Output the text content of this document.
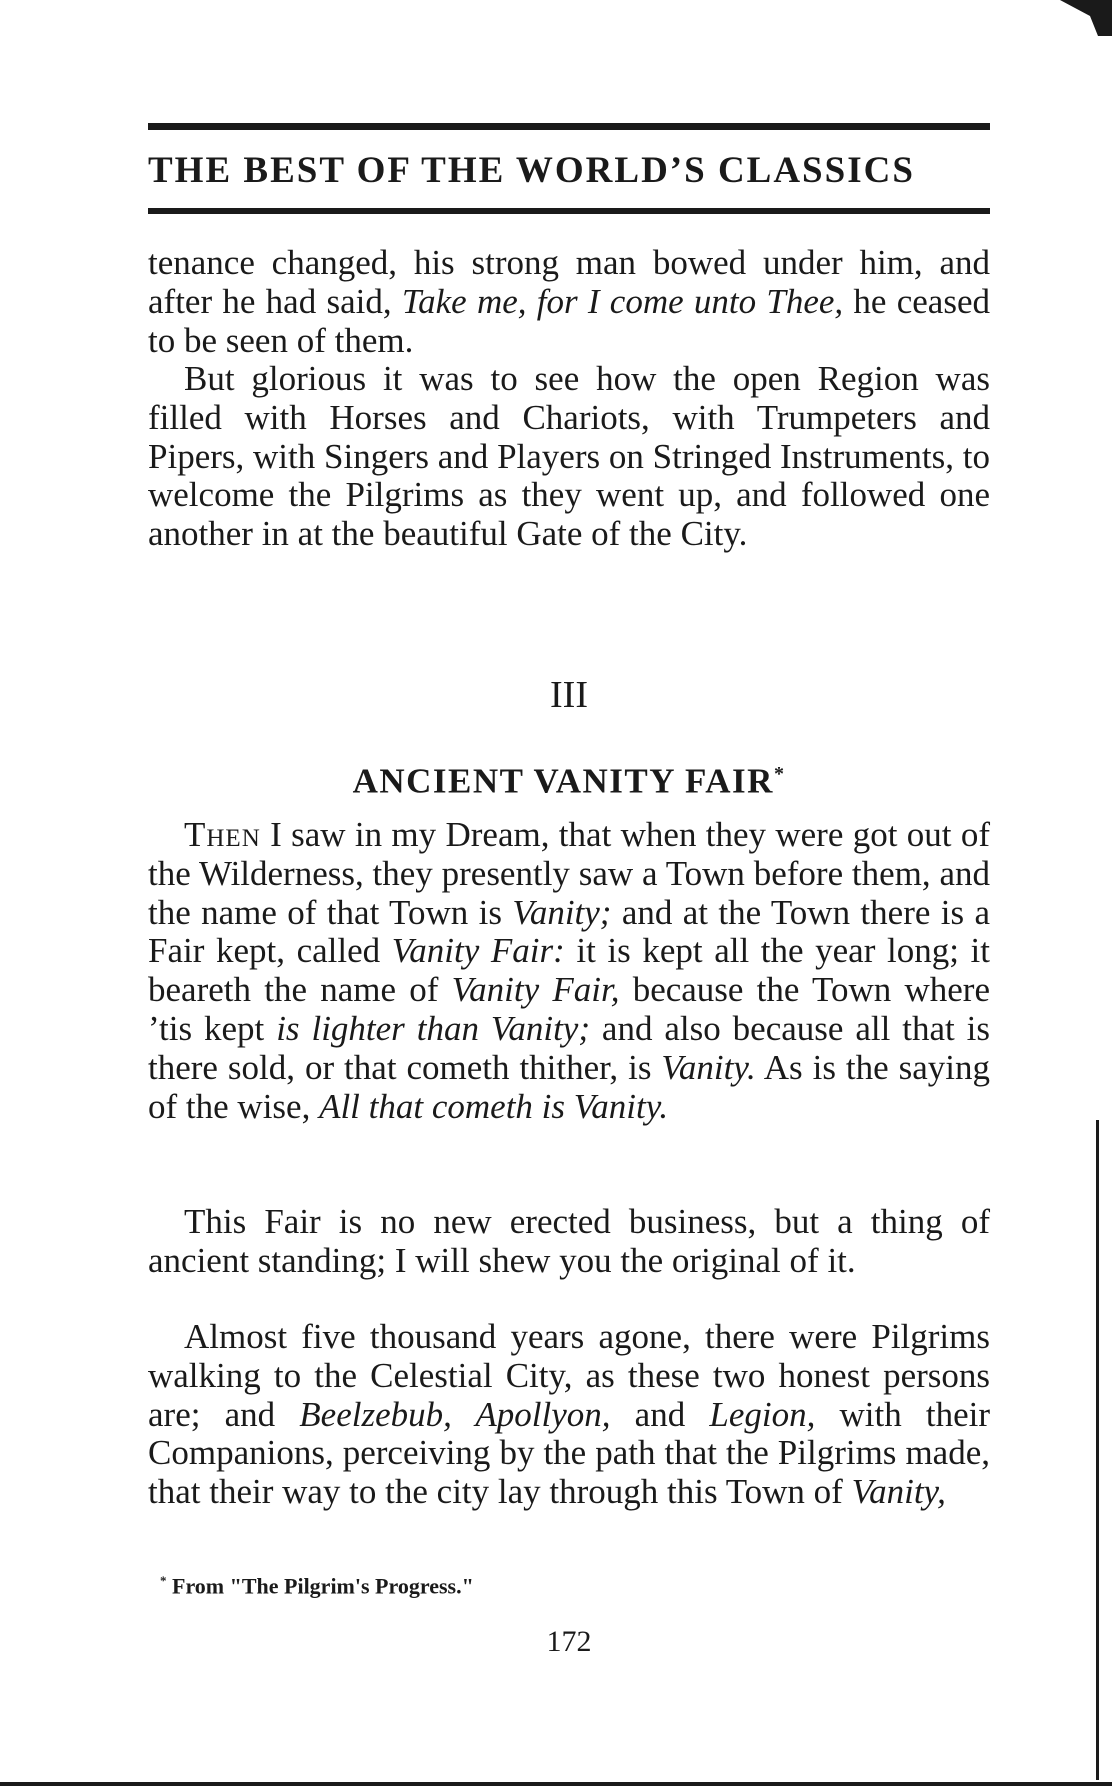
THE BEST OF THE WORLD’S CLASSICS
tenance changed, his strong man bowed under him, and after he had said, Take me, for I come unto Thee, he ceased to be seen of them.
But glorious it was to see how the open Region was filled with Horses and Chariots, with Trumpeters and Pipers, with Singers and Players on Stringed Instruments, to welcome the Pilgrims as they went up, and followed one another in at the beautiful Gate of the City.
III
ANCIENT VANITY FAIR*
Then I saw in my Dream, that when they were got out of the Wilderness, they presently saw a Town before them, and the name of that Town is Vanity; and at the Town there is a Fair kept, called Vanity Fair: it is kept all the year long; it beareth the name of Vanity Fair, because the Town where ’tis kept is lighter than Vanity; and also because all that is there sold, or that cometh thither, is Vanity. As is the saying of the wise, All that cometh is Vanity.
This Fair is no new erected business, but a thing of ancient standing; I will shew you the original of it.
Almost five thousand years agone, there were Pilgrims walking to the Celestial City, as these two honest persons are; and Beelzebub, Apollyon, and Legion, with their Companions, perceiving by the path that the Pilgrims made, that their way to the city lay through this Town of Vanity,
* From "The Pilgrim's Progress."
172
